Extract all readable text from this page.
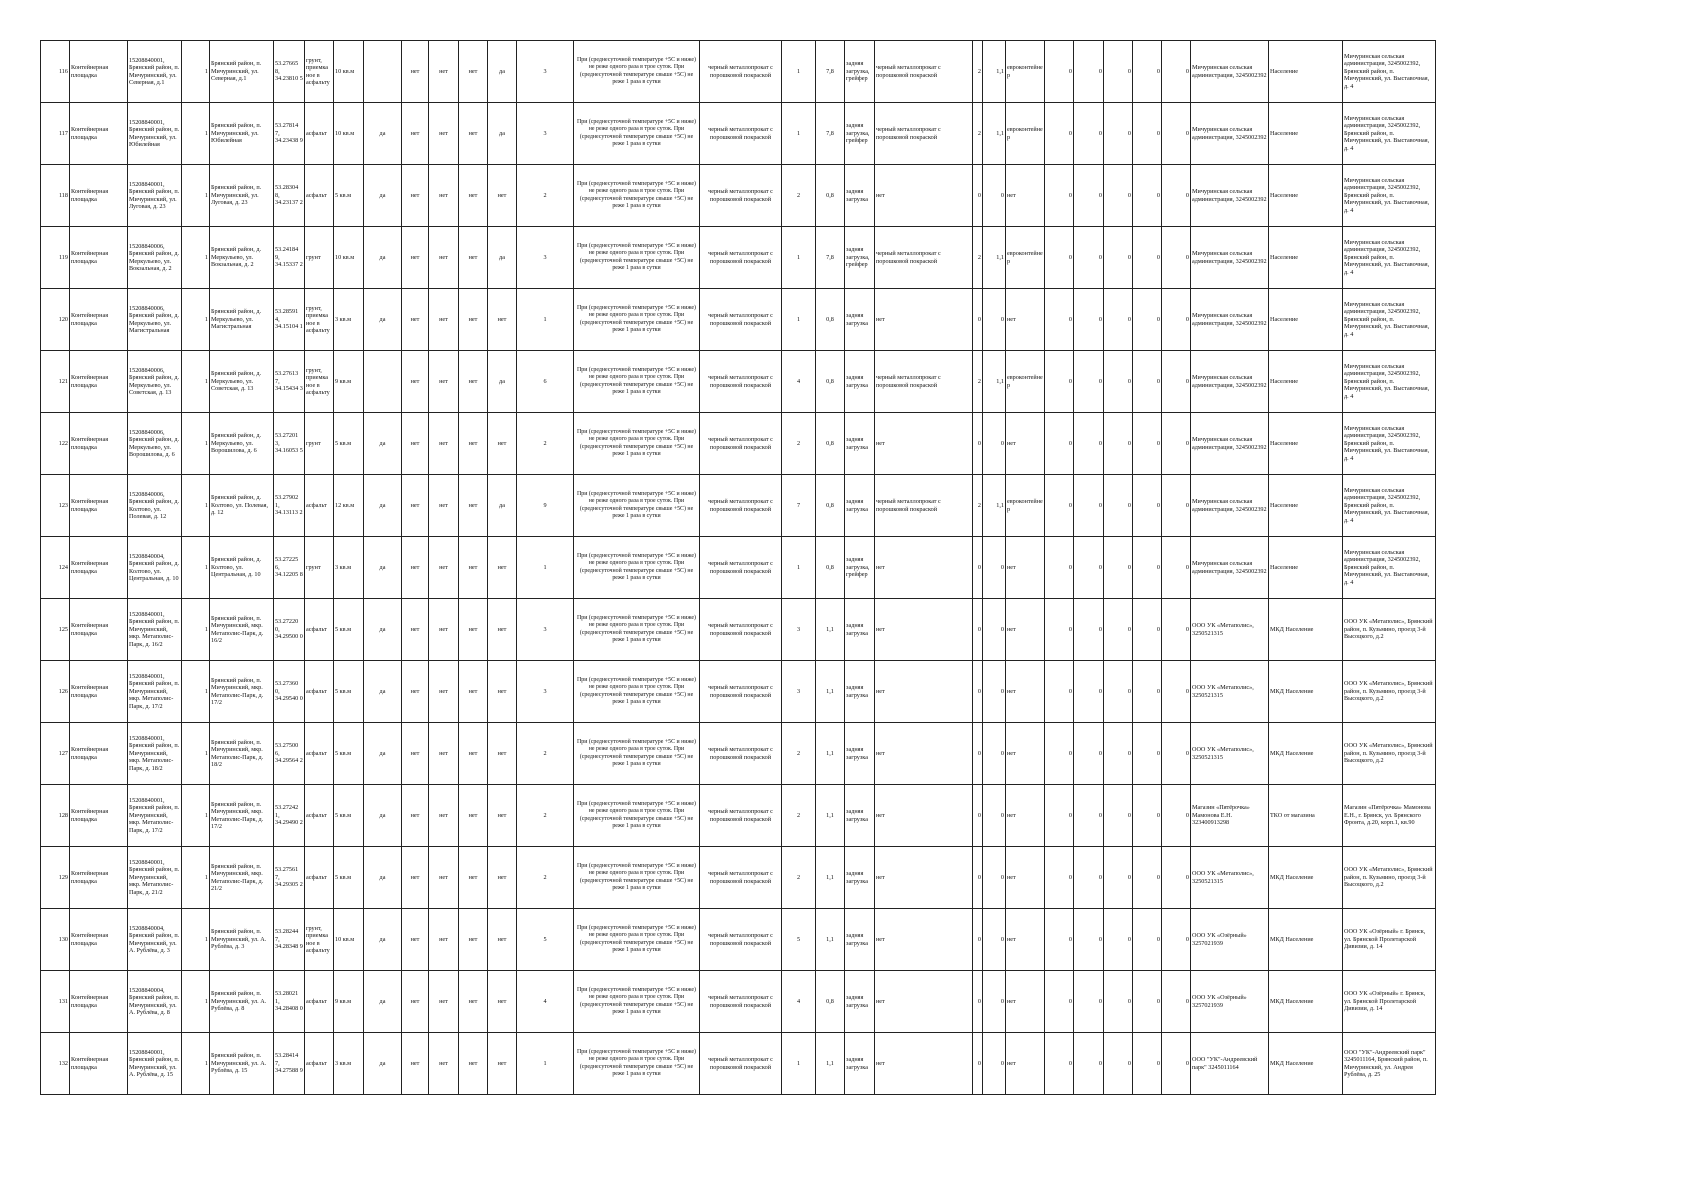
116	Контейнерная площадка	15208840001, Брянский район, п. Мичуринский, ул. Северная, д.1	1	Брянский район, п. Мичуринский, ул. Северная, д.1	53.27665 8, 34.23810 5	грунт, приемка ное в асфальту	10 кв.м		нет	нет	нет	да	3	При (среднесуточной температуре +5С и ниже) не реже одного раза в трое суток. При (среднесуточной температуре свыше +5С) не реже 1 раза в сутки	черный металлопрокат с порошковой покраской	1	7,8	задняя загрузка, грейфер	черный металлопрокат с порошковой покраской	2	1,1	евроконтейнер	0	0	0	0	0	Мичуринская сельская администрация, 3245002392	Население	Мичуринская сельская администрация, 3245002392, Брянский район, п. Мичуринский, ул. Выставочная, д. 4
117	Контейнерная площадка	15208840001, Брянский район, п. Мичуринский, ул. Юбилейная	1	Брянский район, п. Мичуринский, ул. Юбилейная	53.27814 7, 34.23438 9	асфальт	10 кв.м	да	нет	нет	нет	да	3	При (среднесуточной температуре +5С и ниже) не реже одного раза в трое суток. При (среднесуточной температуре свыше +5С) не реже 1 раза в сутки	черный металлопрокат с порошковой покраской	1	7,8	задняя загрузка, грейфер	черный металлопрокат с порошковой покраской	2	1,1	евроконтейнер	0	0	0	0	0	Мичуринская сельская администрация, 3245002392	Население	Мичуринская сельская администрация, 3245002392, Брянский район, п. Мичуринский, ул. Выставочная, д. 4
118	Контейнерная площадка	15208840001, Брянский район, п. Мичуринский, ул. Луговая, д. 23	1	Брянский район, п. Мичуринский, ул. Луговая, д. 23	53.28304 8, 34.23137 2	асфальт	5 кв.м	да	нет	нет	нет	нет	2	При (среднесуточной температуре +5С и ниже) не реже одного раза в трое суток. При (среднесуточной температуре свыше +5С) не реже 1 раза в сутки	черный металлопрокат с порошковой покраской	2	0,8	задняя загрузка	нет	0	0	нет	0	0	0	0	0	Мичуринская сельская администрация, 3245002392	Население	Мичуринская сельская администрация, 3245002392, Брянский район, п. Мичуринский, ул. Выставочная, д. 4
119	Контейнерная площадка	15208840006, Брянский район, д. Меркульево, ул. Вокзальная, д. 2	1	Брянский район, д. Меркульево, ул. Вокзальная, д. 2	53.24184 9, 34.15337 2	грунт	10 кв.м	да	нет	нет	нет	да	3	При (среднесуточной температуре +5С и ниже) не реже одного раза в трое суток. При (среднесуточной температуре свыше +5С) не реже 1 раза в сутки	черный металлопрокат с порошковой покраской	1	7,8	задняя загрузка, грейфер	черный металлопрокат с порошковой покраской	2	1,1	евроконтейнер	0	0	0	0	0	Мичуринская сельская администрация, 3245002392	Население	Мичуринская сельская администрация, 3245002392, Брянский район, п. Мичуринский, ул. Выставочная, д. 4
120	Контейнерная площадка	15208840006, Брянский район, д. Меркульево, ул. Магистральная	1	Брянский район, д. Меркульево, ул. Магистральная	53.28591 4, 34.15104 1	грунт, приемка ное в асфальту	3 кв.м	да	нет	нет	нет	нет	1	При (среднесуточной температуре +5С и ниже) не реже одного раза в трое суток. При (среднесуточной температуре свыше +5С) не реже 1 раза в сутки	черный металлопрокат с порошковой покраской	1	0,8	задняя загрузка	нет	0	0	нет	0	0	0	0	0	Мичуринская сельская администрация, 3245002392	Население	Мичуринская сельская администрация, 3245002392, Брянский район, п. Мичуринский, ул. Выставочная, д. 4
121	Контейнерная площадка	15208840006, Брянский район, д. Меркульево, ул. Советская, д. 13	1	Брянский район, д. Меркульево, ул. Советская, д. 13	53.27613 7, 34.15434 3	грунт, приемка ное в асфальту	9 кв.м		нет	нет	нет	да	6	При (среднесуточной температуре +5С и ниже) не реже одного раза в трое суток. При (среднесуточной температуре свыше +5С) не реже 1 раза в сутки	черный металлопрокат с порошковой покраской	4	0,8	задняя загрузка	черный металлопрокат с порошковой покраской	2	1,1	евроконтейнер	0	0	0	0	0	Мичуринская сельская администрация, 3245002392	Население	Мичуринская сельская администрация, 3245002392, Брянский район, п. Мичуринский, ул. Выставочная, д. 4
122	Контейнерная площадка	15208840006, Брянский район, д. Меркульево, ул. Ворошилова, д. 6	1	Брянский район, д. Меркульево, ул. Ворошилова, д. 6	53.27201 3, 34.16053 5	грунт	5 кв.м	да	нет	нет	нет	нет	2	При (среднесуточной температуре +5С и ниже) не реже одного раза в трое суток. При (среднесуточной температуре свыше +5С) не реже 1 раза в сутки	черный металлопрокат с порошковой покраской	2	0,8	задняя загрузка	нет	0	0	нет	0	0	0	0	0	Мичуринская сельская администрация, 3245002392	Население	Мичуринская сельская администрация, 3245002392, Брянский район, п. Мичуринский, ул. Выставочная, д. 4
123	Контейнерная площадка	15208840006, Брянский район, д. Колтово, ул. Полевая, д. 12	1	Брянский район, д. Колтово, ул. Полевая, д. 12	53.27902 1, 34.13113 2	асфальт	12 кв.м	да	нет	нет	нет	да	9	При (среднесуточной температуре +5С и ниже) не реже одного раза в трое суток. При (среднесуточной температуре свыше +5С) не реже 1 раза в сутки	черный металлопрокат с порошковой покраской	7	0,8	задняя загрузка	черный металлопрокат с порошковой покраской	2	1,1	евроконтейнер	0	0	0	0	0	Мичуринская сельская администрация, 3245002392	Население	Мичуринская сельская администрация, 3245002392, Брянский район, п. Мичуринский, ул. Выставочная, д. 4
124	Контейнерная площадка	15208840004, Брянский район, д. Колтово, ул. Центральная, д. 10	1	Брянский район, д. Колтово, ул. Центральная, д. 10	53.27225 6, 34.12205 8	грунт	3 кв.м	да	нет	нет	нет	нет	1	При (среднесуточной температуре +5С и ниже) не реже одного раза в трое суток. При (среднесуточной температуре свыше +5С) не реже 1 раза в сутки	черный металлопрокат с порошковой покраской	1	0,8	задняя загрузка, грейфер	нет	0	0	нет	0	0	0	0	0	Мичуринская сельская администрация, 3245002392	Население	Мичуринская сельская администрация, 3245002392, Брянский район, п. Мичуринский, ул. Выставочная, д. 4
125	Контейнерная площадка	15208840001, Брянский район, п. Мичуринский, мкр. Метаполис-Парк, д. 16/2	1	Брянский район, п. Мичуринский, мкр. Метаполис-Парк, д. 16/2	53.27220 0, 34.29500 0	асфальт	5 кв.м	да	нет	нет	нет	нет	3	При (среднесуточной температуре +5С и ниже) не реже одного раза в трое суток. При (среднесуточной температуре свыше +5С) не реже 1 раза в сутки	черный металлопрокат с порошковой покраской	3	1,1	задняя загрузка	нет	0	0	нет	0	0	0	0	0	ООО УК «Метаполис», 3250521315	МКД Население	ООО УК «Метаполис», Брянский район, п. Кузьмино, проезд 3-й Высоцкого, д.2
126	Контейнерная площадка	15208840001, Брянский район, п. Мичуринский, мкр. Метаполис-Парк, д. 17/2	1	Брянский район, п. Мичуринский, мкр. Метаполис-Парк, д. 17/2	53.27360 0, 34.29540 0	асфальт	5 кв.м	да	нет	нет	нет	нет	3	При (среднесуточной температуре +5С и ниже) не реже одного раза в трое суток. При (среднесуточной температуре свыше +5С) не реже 1 раза в сутки	черный металлопрокат с порошковой покраской	3	1,1	задняя загрузка	нет	0	0	нет	0	0	0	0	0	ООО УК «Метаполис», 3250521315	МКД Население	ООО УК «Метаполис», Брянский район, п. Кузьмино, проезд 3-й Высоцкого, д.2
127	Контейнерная площадка	15208840001, Брянский район, п. Мичуринский, мкр. Метаполис-Парк, д. 18/2	1	Брянский район, п. Мичуринский, мкр. Метаполис-Парк, д. 18/2	53.27500 6, 34.29564 2	асфальт	5 кв.м	да	нет	нет	нет	нет	2	При (среднесуточной температуре +5С и ниже) не реже одного раза в трое суток. При (среднесуточной температуре свыше +5С) не реже 1 раза в сутки	черный металлопрокат с порошковой покраской	2	1,1	задняя загрузка	нет	0	0	нет	0	0	0	0	0	ООО УК «Метаполис», 3250521315	МКД Население	ООО УК «Метаполис», Брянский район, п. Кузьмино, проезд 3-й Высоцкого, д.2
128	Контейнерная площадка	15208840001, Брянский район, п. Мичуринский, мкр. Метаполис-Парк, д. 17/2	1	Брянский район, п. Мичуринский, мкр. Метаполис-Парк, д. 17/2	53.27242 1, 34.29490 2	асфальт	5 кв.м	да	нет	нет	нет	нет	2	При (среднесуточной температуре +5С и ниже) не реже одного раза в трое суток. При (среднесуточной температуре свыше +5С) не реже 1 раза в сутки	черный металлопрокат с порошковой покраской	2	1,1	задняя загрузка	нет	0	0	нет	0	0	0	0	0	Магазин «Пятёрочка» Мамонова Е.Н. 323400913298	ТКО от магазина	Магазин «Пятёрочка» Мамонова Е.Н., г. Брянск, ул. Брянского Фронта, д.20, корп.1, кв.90
129	Контейнерная площадка	15208840001, Брянский район, п. Мичуринский, мкр. Метаполис-Парк, д. 21/2	1	Брянский район, п. Мичуринский, мкр. Метаполис-Парк, д. 21/2	53.27561 7, 34.29305 2	асфальт	5 кв.м	да	нет	нет	нет	нет	2	При (среднесуточной температуре +5С и ниже) не реже одного раза в трое суток. При (среднесуточной температуре свыше +5С) не реже 1 раза в сутки	черный металлопрокат с порошковой покраской	2	1,1	задняя загрузка	нет	0	0	нет	0	0	0	0	0	ООО УК «Метаполис», 3250521315	МКД Население	ООО УК «Метаполис», Брянский район, п. Кузьмино, проезд 3-й Высоцкого, д.2
130	Контейнерная площадка	15208840004, Брянский район, п. Мичуринский, ул. А. Рублёва, д. 3	1	Брянский район, п. Мичуринский, ул. А. Рублёва, д. 3	53.28244 7, 34.28348 9	грунт, приемка ное в асфальту	10 кв.м	да	нет	нет	нет	нет	5	При (среднесуточной температуре +5С и ниже) не реже одного раза в трое суток. При (среднесуточной температуре свыше +5С) не реже 1 раза в сутки	черный металлопрокат с порошковой покраской	5	1,1	задняя загрузка	нет	0	0	нет	0	0	0	0	0	ООО УК «Озёрный» 3257021939	МКД Население	ООО УК «Озёрный» г. Брянск, ул. Брянской Пролетарской Дивизии, д. 14
131	Контейнерная площадка	15208840004, Брянский район, п. Мичуринский, ул. А. Рублёва, д. 8	1	Брянский район, п. Мичуринский, ул. А. Рублёва, д. 8	53.28021 1, 34.28408 0	асфальт	9 кв.м	да	нет	нет	нет	нет	4	При (среднесуточной температуре +5С и ниже) не реже одного раза в трое суток. При (среднесуточной температуре свыше +5С) не реже 1 раза в сутки	черный металлопрокат с порошковой покраской	4	0,8	задняя загрузка	нет	0	0	нет	0	0	0	0	0	ООО УК «Озёрный» 3257021939	МКД Население	ООО УК «Озёрный» г. Брянск, ул. Брянской Пролетарской Дивизии, д. 14
132	Контейнерная площадка	15208840001, Брянский район, п. Мичуринский, ул. А. Рублёва, д. 15	1	Брянский район, п. Мичуринский, ул. А. Рублёва, д. 15	53.28414 7, 34.27588 9	асфальт	3 кв.м	да	нет	нет	нет	нет	1	При (среднесуточной температуре +5С и ниже) не реже одного раза в трое суток. При (среднесуточной температуре свыше +5С) не реже 1 раза в сутки	черный металлопрокат с порошковой покраской	1	1,1	задняя загрузка	нет	0	0	нет	0	0	0	0	0	ООО "УК"-Андреевский парк" 3245011164	МКД Население	ООО "УК"-Андреевский парк" 3245011164, Брянский район, п. Мичуринский, ул. Андрея Рублёва, д. 25
